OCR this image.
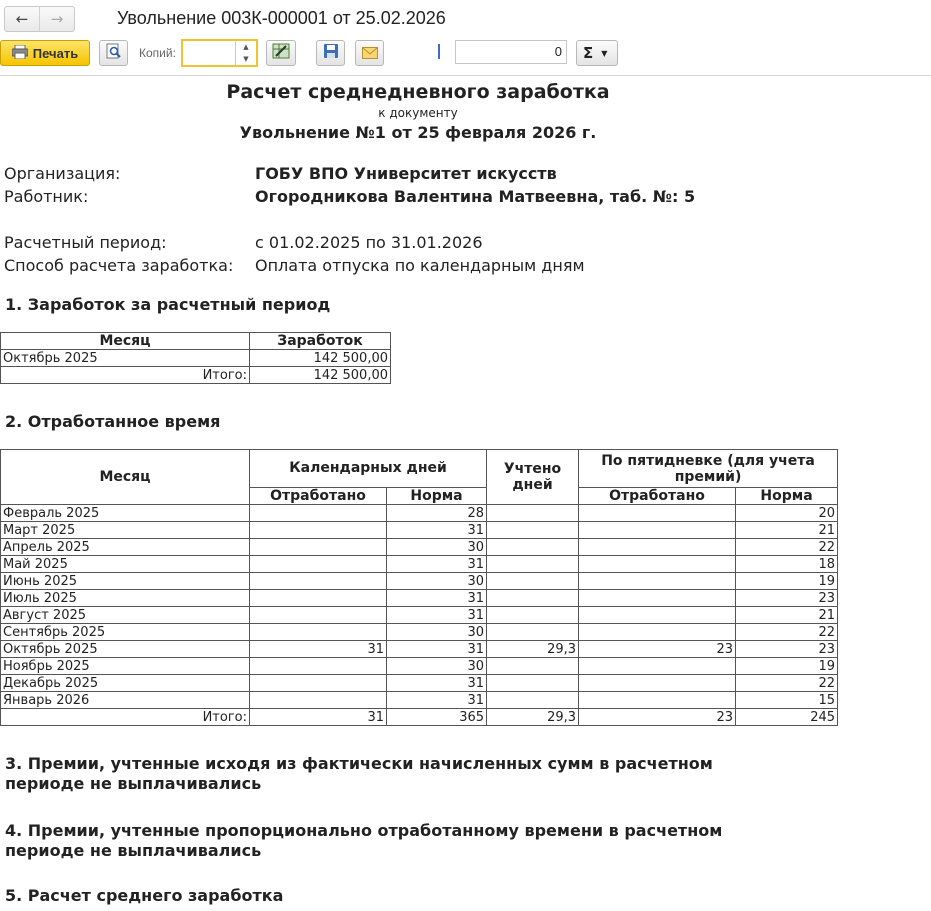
←	→	Увольнение 003К-000001 от 25.02.2026
Печать	Копий:	1
▲
▼	0	Σ ▼
Расчет среднедневного заработка
к документу
Увольнение №1 от 25 февраля 2026 г.
Организация:	ГОБУ ВПО Университет искусств
Работник:	Огородникова Валентина Матвеевна, таб. №: 5
Расчетный период:	с 01.02.2025 по 31.01.2026
Способ расчета заработка: Оплата отпуска по календарным дням
1. Заработок за расчетный период
Месяц	Заработок
Октябрь 2025	142 500,00
Итого:	142 500,00
2. Отработанное время
Месяц	Календарных дней		Учтено дней	По пятидневке (для учета премий)	
	Отработано	Норма		Отработано	Норма
Февраль 2025		28			20
Март 2025		31			21
Апрель 2025		30			22
Май 2025		31			18
Июнь 2025		30			19
Июль 2025		31			23
Август 2025		31			21
Сентябрь 2025		30			22
Октябрь 2025	31	31	29,3	23	23
Ноябрь 2025		30			19
Декабрь 2025		31			22
Январь 2026		31			15
Итого:	31	365	29,3	23	245
3. Премии, учтенные исходя из фактически начисленных сумм в расчетном периоде не выплачивались
4. Премии, учтенные пропорционально отработанному времени в расчетном периоде не выплачивались
5. Расчет среднего заработка
